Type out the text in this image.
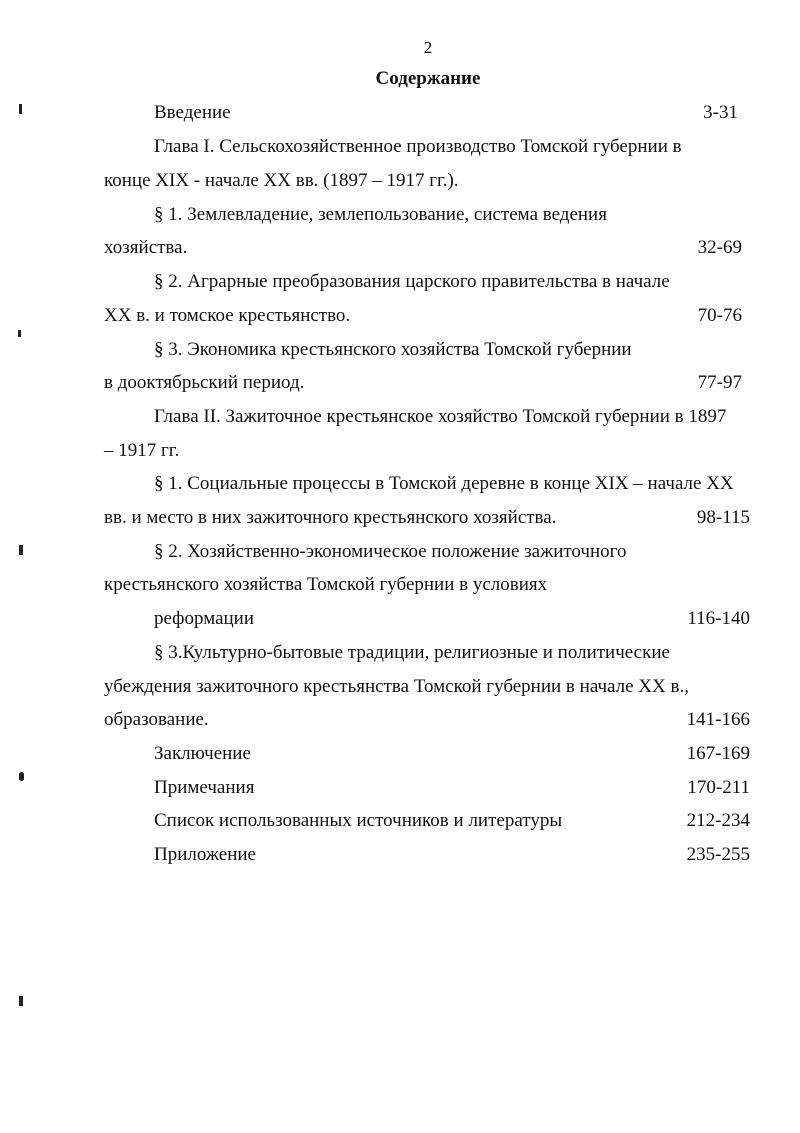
2
Содержание
Введение	3-31
Глава I. Сельскохозяйственное производство Томской губернии в
конце XIX - начале XX вв. (1897 – 1917 гг.).
§ 1. Землевладение, землепользование, система ведения
хозяйства.	32-69
§ 2. Аграрные преобразования царского правительства в начале
XX в. и томское крестьянство.	70-76
§ 3. Экономика крестьянского хозяйства Томской губернии
в дооктябрьский период.	77-97
Глава II. Зажиточное крестьянское хозяйство Томской губернии в 1897
– 1917 гг.
§ 1. Социальные процессы в Томской деревне в конце XIX – начале XX
вв. и место в них зажиточного крестьянского хозяйства.	98-115
§ 2. Хозяйственно-экономическое положение зажиточного
крестьянского хозяйства Томской губернии в условиях
реформации	116-140
§ 3.Культурно-бытовые традиции, религиозные и политические
убеждения зажиточного крестьянства Томской губернии в начале XX в.,
образование.	141-166
Заключение	167-169
Примечания	170-211
Список использованных источников и литературы	212-234
Приложение	235-255
